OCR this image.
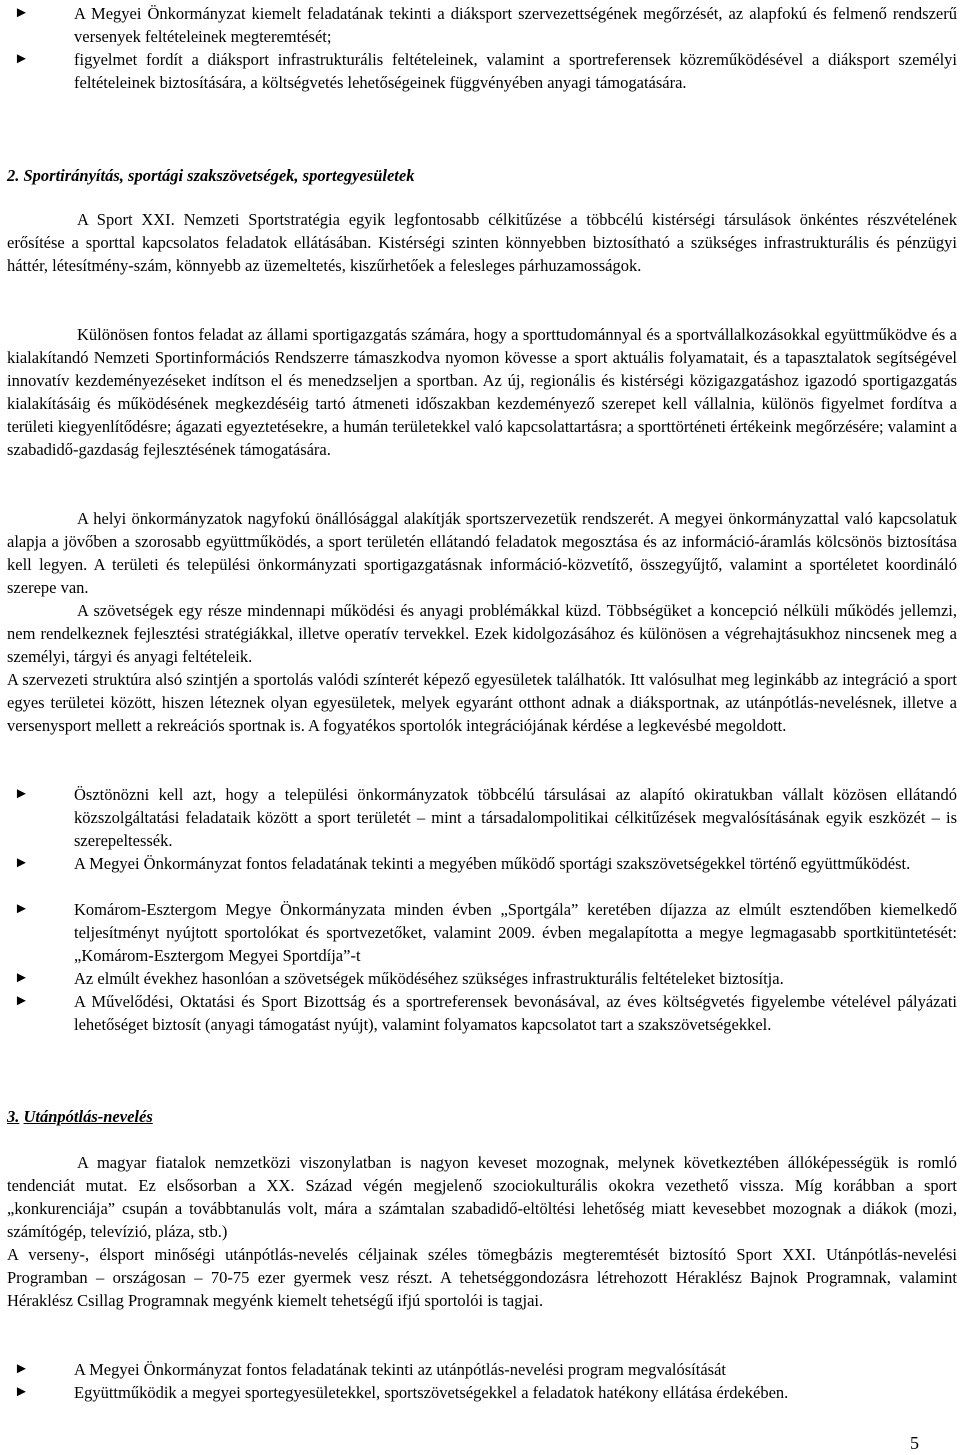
►	A Megyei Önkormányzat kiemelt feladatának tekinti a diáksport szervezettségének megőrzését, az alapfokú és felmenő rendszerű versenyek feltételeinek megteremtését;
►	figyelmet fordít a diáksport infrastrukturális feltételeinek, valamint a sportreferensek közreműködésével a diáksport személyi feltételeinek biztosítására, a költségvetés lehetőségeinek függvényében anyagi támogatására.
2. Sportirányítás, sportági szakszövetségek, sportegyesületek

A Sport XXI. Nemzeti Sportstratégia egyik legfontosabb célkitűzése a többcélú kistérségi társulások önkéntes részvételének erősítése a sporttal kapcsolatos feladatok ellátásában. Kistérségi szinten könnyebben biztosítható a szükséges infrastrukturális és pénzügyi háttér, létesítmény-szám, könnyebb az üzemeltetés, kiszűrhetőek a felesleges párhuzamosságok.

Különösen fontos feladat az állami sportigazgatás számára, hogy a sporttudománnyal és a sportvállalkozásokkal együttműködve és a kialakítandó Nemzeti Sportinformációs Rendszerre támaszkodva nyomon kövesse a sport aktuális folyamatait, és a tapasztalatok segítségével innovatív kezdeményezéseket indítson el és menedzseljen a sportban. Az új, regionális és kistérségi közigazgatáshoz igazodó sportigazgatás kialakításáig és működésének megkezdéséig tartó átmeneti időszakban kezdeményező szerepet kell vállalnia, különös figyelmet fordítva a területi kiegyenlítődésre; ágazati egyeztetésekre, a humán területekkel való kapcsolattartásra; a sporttörténeti értékeink megőrzésére; valamint a szabadidő-gazdaság fejlesztésének támogatására.

A helyi önkormányzatok nagyfokú önállósággal alakítják sportszervezetük rendszerét. A megyei önkormányzattal való kapcsolatuk alapja a jövőben a szorosabb együttműködés, a sport területén ellátandó feladatok megosztása és az információ-áramlás kölcsönös biztosítása kell legyen. A területi és települési önkormányzati sportigazgatásnak információ-közvetítő, összegyűjtő, valamint a sportéletet koordináló szerepe van.

A szövetségek egy része mindennapi működési és anyagi problémákkal küzd. Többségüket a koncepció nélküli működés jellemzi, nem rendelkeznek fejlesztési stratégiákkal, illetve operatív tervekkel. Ezek kidolgozásához és különösen a végrehajtásukhoz nincsenek meg a személyi, tárgyi és anyagi feltételeik.

A szervezeti struktúra alsó szintjén a sportolás valódi színterét képező egyesületek találhatók. Itt valósulhat meg leginkább az integráció a sport egyes területei között, hiszen léteznek olyan egyesületek, melyek egyaránt otthont adnak a diáksportnak, az utánpótlás-nevelésnek, illetve a versenysport mellett a rekreációs sportnak is. A fogyatékos sportolók integrációjának kérdése a legkevésbé megoldott.

►	Ösztönözni kell azt, hogy a települési önkormányzatok többcélú társulásai az alapító okiratukban vállalt közösen ellátandó közszolgáltatási feladataik között a sport területét – mint a társadalompolitikai célkitűzések megvalósításának egyik eszközét – is szerepeltessék.
►	A Megyei Önkormányzat fontos feladatának tekinti a megyében működő sportági szakszövetségekkel történő együttműködést.
►	Komárom-Esztergom Megye Önkormányzata minden évben „Sportgála” keretében díjazza az elmúlt esztendőben kiemelkedő teljesítményt nyújtott sportolókat és sportvezetőket, valamint 2009. évben megalapította a megye legmagasabb sportkitüntetését: „Komárom-Esztergom Megyei Sportdíja”-t
►	Az elmúlt évekhez hasonlóan a szövetségek működéséhez szükséges infrastrukturális feltételeket biztosítja.
►	A Művelődési, Oktatási és Sport Bizottság és a sportreferensek bevonásával, az éves költségvetés figyelembe vételével pályázati lehetőséget biztosít (anyagi támogatást nyújt), valamint folyamatos kapcsolatot tart a szakszövetségekkel.
3. Utánpótlás-nevelés

A magyar fiatalok nemzetközi viszonylatban is nagyon keveset mozognak, melynek következtében állóképességük is romló tendenciát mutat. Ez elsősorban a XX. Század végén megjelenő szociokulturális okokra vezethető vissza. Míg korábban a sport „konkurenciája” csupán a továbbtanulás volt, mára a számtalan szabadidő-eltöltési lehetőség miatt kevesebbet mozognak a diákok (mozi, számítógép, televízió, pláza, stb.)

A verseny-, élsport minőségi utánpótlás-nevelés céljainak széles tömegbázis megteremtését biztosító Sport XXI. Utánpótlás-nevelési Programban – országosan – 70-75 ezer gyermek vesz részt. A tehetséggondozásra létrehozott Héraklész Bajnok Programnak, valamint Héraklész Csillag Programnak megyénk kiemelt tehetségű ifjú sportolói is tagjai.

►	A Megyei Önkormányzat fontos feladatának tekinti az utánpótlás-nevelési program megvalósítását
►	Együttműködik a megyei sportegyesületekkel, sportszövetségekkel a feladatok hatékony ellátása érdekében.
5
